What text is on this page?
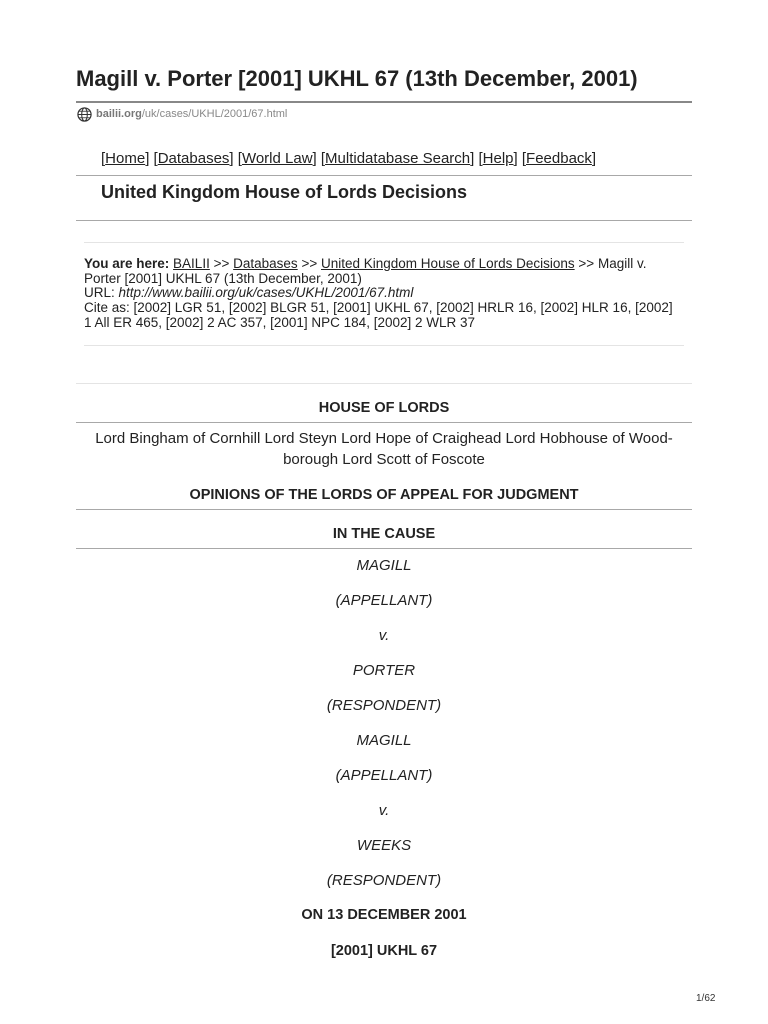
Magill v. Porter [2001] UKHL 67 (13th December, 2001)
bailii.org /uk/cases/UKHL/2001/67.html
[Home] [Databases] [World Law] [Multidatabase Search] [Help] [Feedback]
United Kingdom House of Lords Decisions
You are here: BAILII >> Databases >> United Kingdom House of Lords Decisions >> Magill v.
Porter [2001] UKHL 67 (13th December, 2001)
URL: http://www.bailii.org/uk/cases/UKHL/2001/67.html
Cite as: [2002] LGR 51, [2002] BLGR 51, [2001] UKHL 67, [2002] HRLR 16, [2002] HLR 16, [2002]
1 All ER 465, [2002] 2 AC 357, [2001] NPC 184, [2002] 2 WLR 37
HOUSE OF LORDS
Lord Bingham of Cornhill Lord Steyn Lord Hope of Craighead Lord Hobhouse of Wood-
borough Lord Scott of Foscote
OPINIONS OF THE LORDS OF APPEAL FOR JUDGMENT
IN THE CAUSE
MAGILL
(APPELLANT)
v.
PORTER
(RESPONDENT)
MAGILL
(APPELLANT)
v.
WEEKS
(RESPONDENT)
ON 13 DECEMBER 2001
[2001] UKHL 67
1/62
